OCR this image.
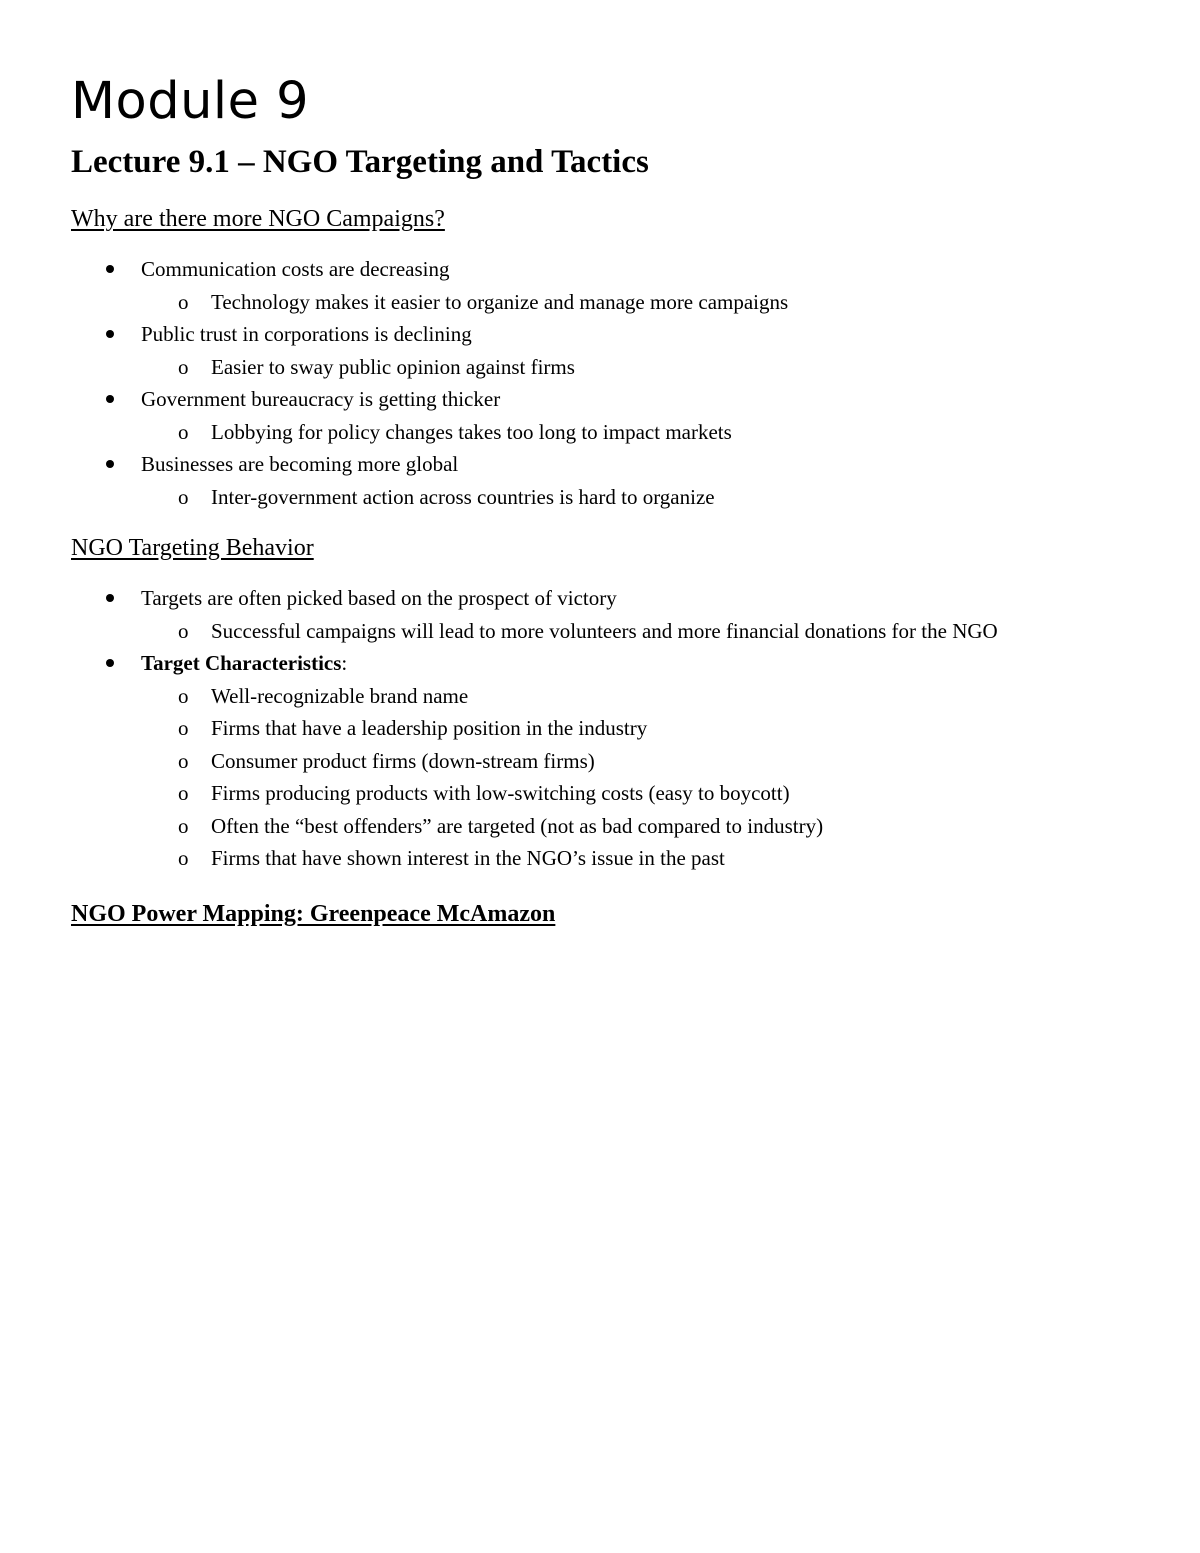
Module 9
Lecture 9.1 – NGO Targeting and Tactics
Why are there more NGO Campaigns?
Communication costs are decreasing
o Technology makes it easier to organize and manage more campaigns
Public trust in corporations is declining
o Easier to sway public opinion against firms
Government bureaucracy is getting thicker
o Lobbying for policy changes takes too long to impact markets
Businesses are becoming more global
o Inter-government action across countries is hard to organize
NGO Targeting Behavior
Targets are often picked based on the prospect of victory
o Successful campaigns will lead to more volunteers and more financial donations for the NGO
Target Characteristics:
o Well-recognizable brand name
o Firms that have a leadership position in the industry
o Consumer product firms (down-stream firms)
o Firms producing products with low-switching costs (easy to boycott)
o Often the “best offenders” are targeted (not as bad compared to industry)
o Firms that have shown interest in the NGO’s issue in the past
NGO Power Mapping: Greenpeace McAmazon
